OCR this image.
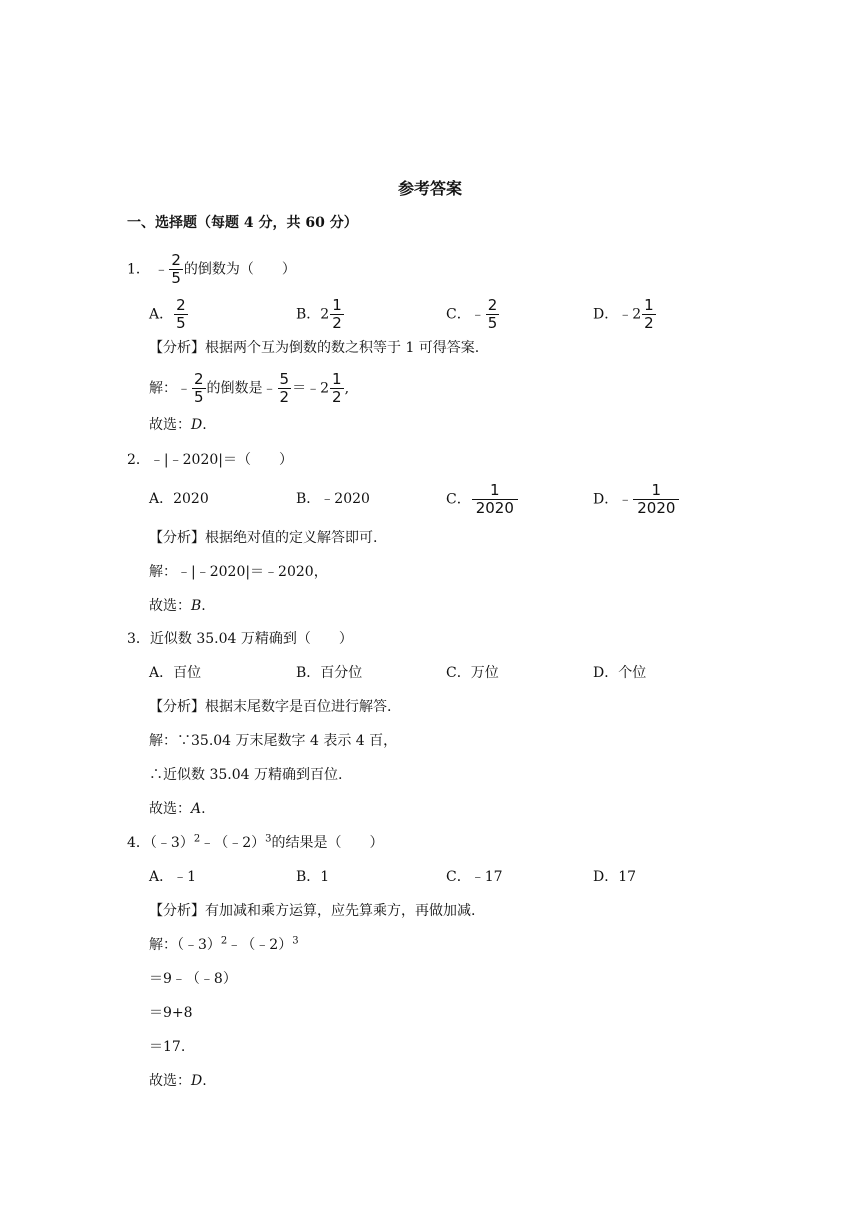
参考答案
一、选择题（每题 4 分，共 60 分）
1． ﹣ $\frac{2}{5}$ 的倒数为（　　）
A． $\frac{2}{5}$	B．$2 \frac{1}{2}$	C．﹣ $\frac{2}{5}$	D．﹣2 $\frac{1}{2}$
【分析】根据两个互为倒数的数之积等于 1 可得答案.
解：﹣ $\frac{2}{5}$ 的倒数是﹣ $\frac{5}{2}$ ＝﹣2 $\frac{1}{2}$ ,
故选：D.
2．﹣|﹣2020|＝（　　）
A．2020	B．﹣2020	C． $\frac{1}{2020}$	D．﹣ $\frac{1}{2020}$
【分析】根据绝对值的定义解答即可.
解：﹣|﹣2020|＝﹣2020，
故选：B.
3．近似数 35.04 万精确到（　　）
A．百位	B．百分位	C．万位	D．个位
【分析】根据末尾数字是百位进行解答.
解：∵35.04 万末尾数字 4 表示 4 百，
∴近似数 35.04 万精确到百位.
故选：A.
4．（﹣3）$^2$﹣（﹣2）$^3$的结果是（　　）
A．﹣1	B．1	C．﹣17	D．17
【分析】有加减和乘方运算，应先算乘方，再做加减.
解：（﹣3）$^2$﹣（﹣2）$^3$
＝9﹣（﹣8）
＝9+8
＝17.
故选：D.
